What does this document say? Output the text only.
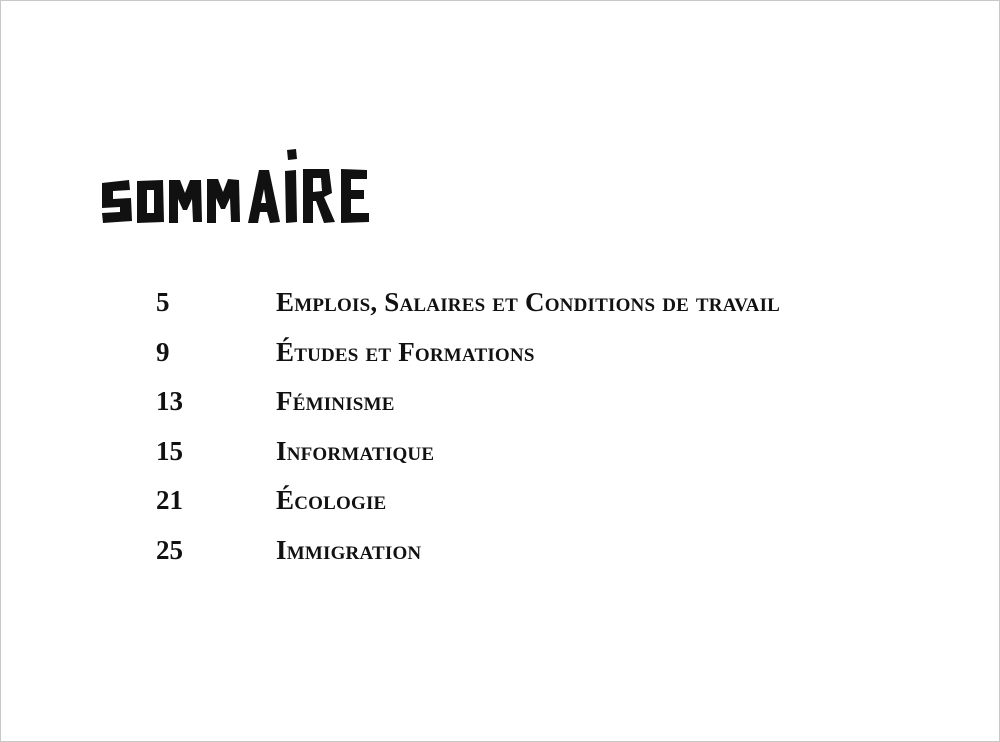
5	Emplois, Salaires et Conditions de travail
9	Études et Formations
13	Féminisme
15	Informatique
21	Écologie
25	Immigration
